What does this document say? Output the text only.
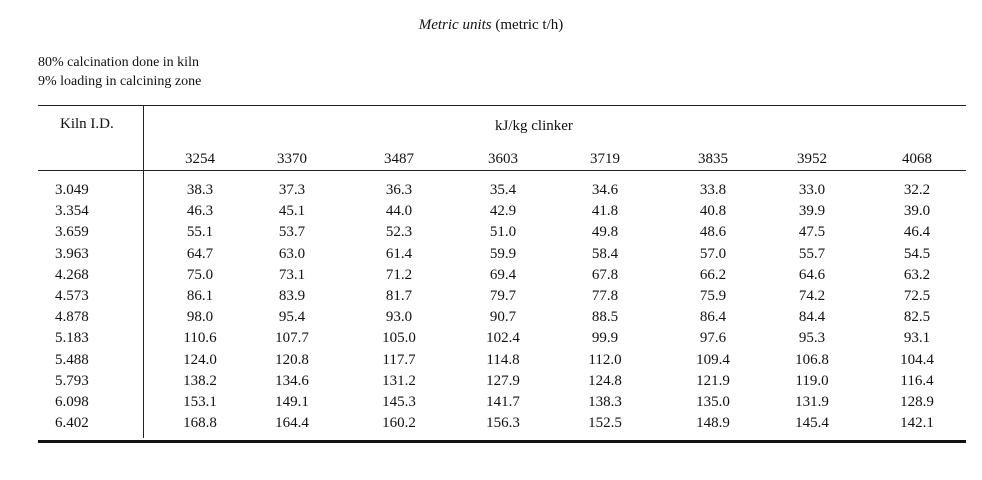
Metric units (metric t/h)
80% calcination done in kiln
9% loading in calcining zone
Kiln I.D.	kJ/kg clinker
3254	3370	3487	3603	3719	3835	3952	4068
3.049	38.3	37.3	36.3	35.4	34.6	33.8	33.0	32.2
3.354	46.3	45.1	44.0	42.9	41.8	40.8	39.9	39.0
3.659	55.1	53.7	52.3	51.0	49.8	48.6	47.5	46.4
3.963	64.7	63.0	61.4	59.9	58.4	57.0	55.7	54.5
4.268	75.0	73.1	71.2	69.4	67.8	66.2	64.6	63.2
4.573	86.1	83.9	81.7	79.7	77.8	75.9	74.2	72.5
4.878	98.0	95.4	93.0	90.7	88.5	86.4	84.4	82.5
5.183	110.6	107.7	105.0	102.4	99.9	97.6	95.3	93.1
5.488	124.0	120.8	117.7	114.8	112.0	109.4	106.8	104.4
5.793	138.2	134.6	131.2	127.9	124.8	121.9	119.0	116.4
6.098	153.1	149.1	145.3	141.7	138.3	135.0	131.9	128.9
6.402	168.8	164.4	160.2	156.3	152.5	148.9	145.4	142.1
